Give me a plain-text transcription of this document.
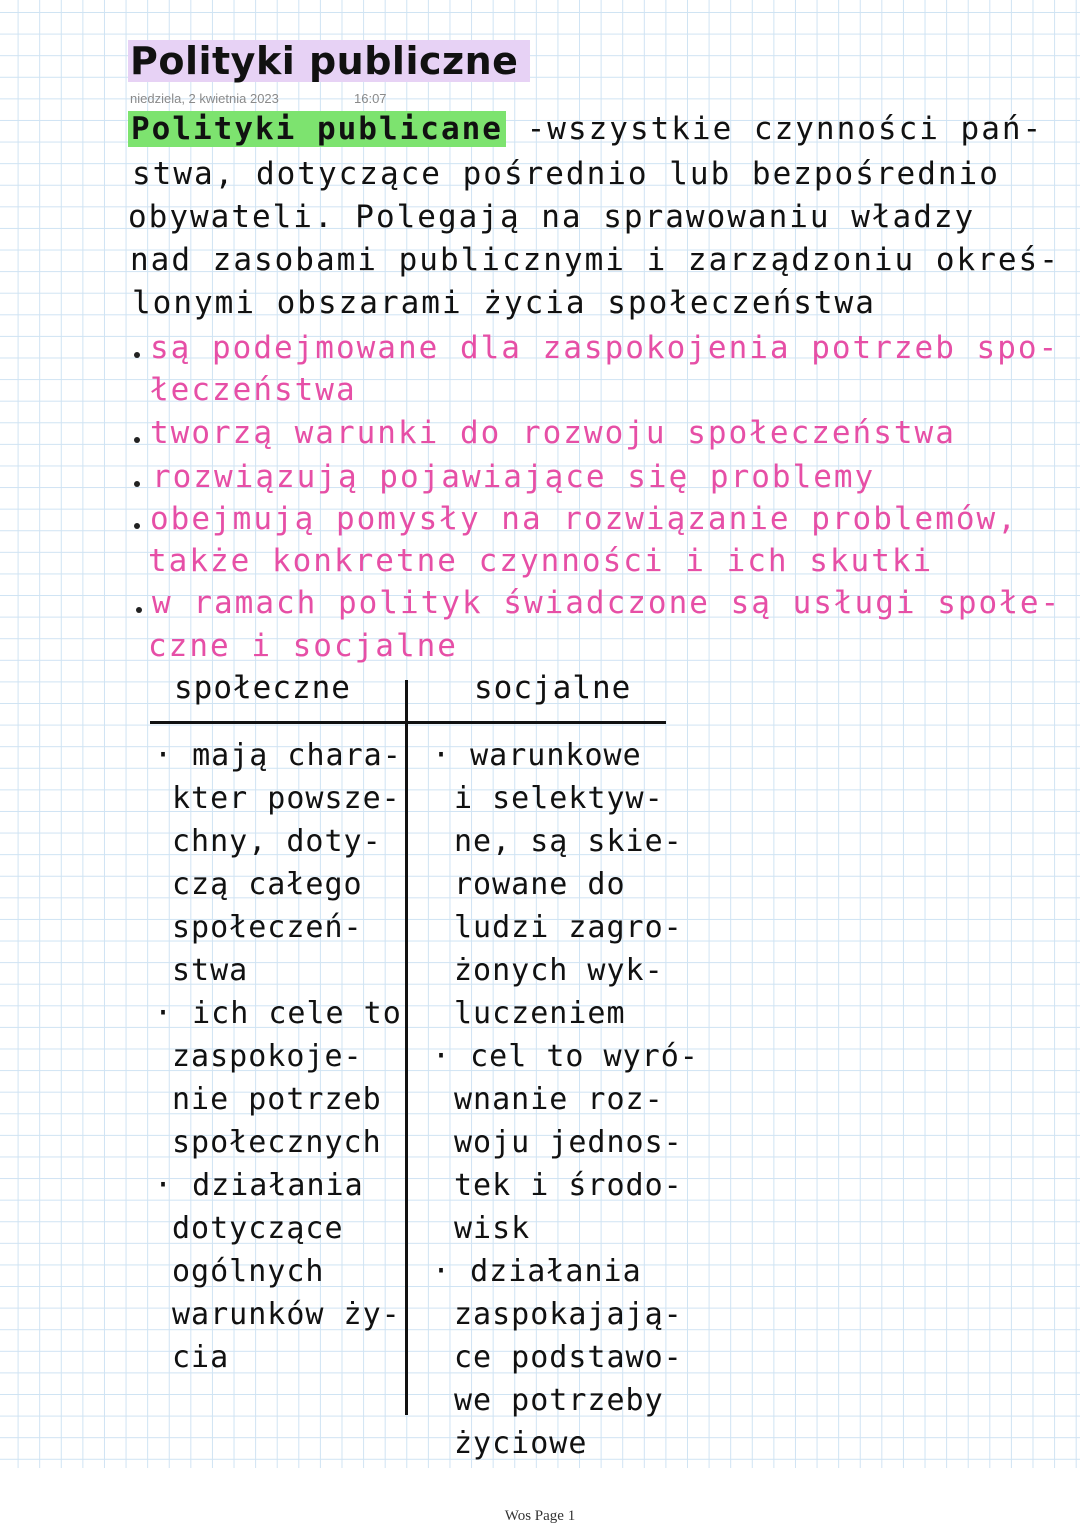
Polityki publiczne
niedziela, 2 kwietnia 2023	16:07
Polityki publicane -wszystkie czynności pań-
stwa, dotyczące pośrednio lub bezpośrednio
obywateli. Polegają na sprawowaniu władzy
nad zasobami publicznymi i zarządzoniu okreś-
lonymi obszarami życia społeczeństwa
są podejmowane dla zaspokojenia potrzeb spo-
łeczeństwa
tworzą warunki do rozwoju społeczeństwa
rozwiązują pojawiające się problemy
obejmują pomysły na rozwiązanie problemów,
także konkretne czynności i ich skutki
w ramach polityk świadczone są usługi społe-
czne i socjalne
społeczne	socjalne
· mają chara-
kter powsze-
chny, doty-
czą całego
społeczeń-
stwa
· ich cele to
zaspokoje-
nie potrzeb
społecznych
· działania
dotyczące
ogólnych
warunków ży-
cia
· warunkowe
i selektyw-
ne, są skie-
rowane do
ludzi zagro-
żonych wyk-
luczeniem
· cel to wyró-
wnanie roz-
woju jednos-
tek i środo-
wisk
· działania
zaspokajają-
ce podstawo-
we potrzeby
życiowe
Wos Page 1
